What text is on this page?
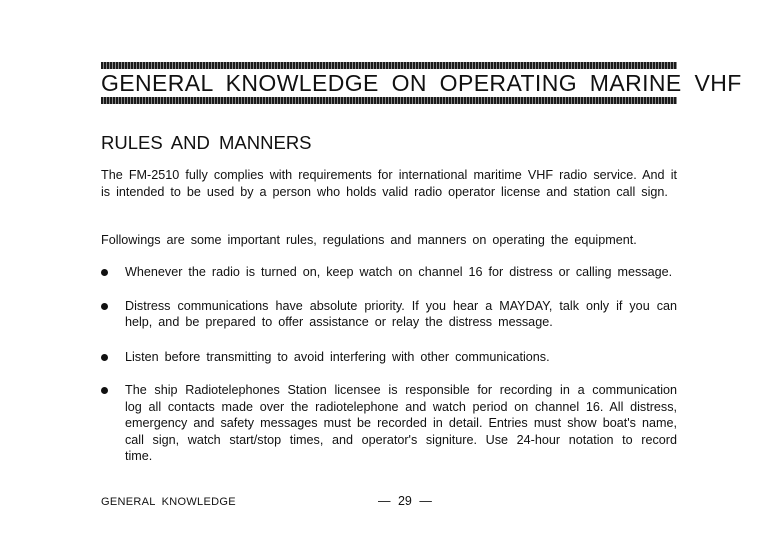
GENERAL KNOWLEDGE ON OPERATING MARINE VHF
RULES AND MANNERS

The FM-2510 fully complies with requirements for international maritime VHF radio service. And it is intended to be used by a person who holds valid radio operator license and station call sign.

Followings are some important rules, regulations and manners on operating the equipment.

Whenever the radio is turned on, keep watch on channel 16 for distress or calling message.
Distress communications have absolute priority. If you hear a MAYDAY, talk only if you can help, and be prepared to offer assistance or relay the distress message.
Listen before transmitting to avoid interfering with other communications.
The ship Radiotelephones Station licensee is responsible for recording in a communication log all contacts made over the radiotelephone and watch period on channel 16. All distress, emergency and safety messages must be recorded in detail. Entries must show boat's name, call sign, watch start/stop times, and operator's signiture. Use 24-hour notation to record time.
GENERAL KNOWLEDGE	— 29 —
